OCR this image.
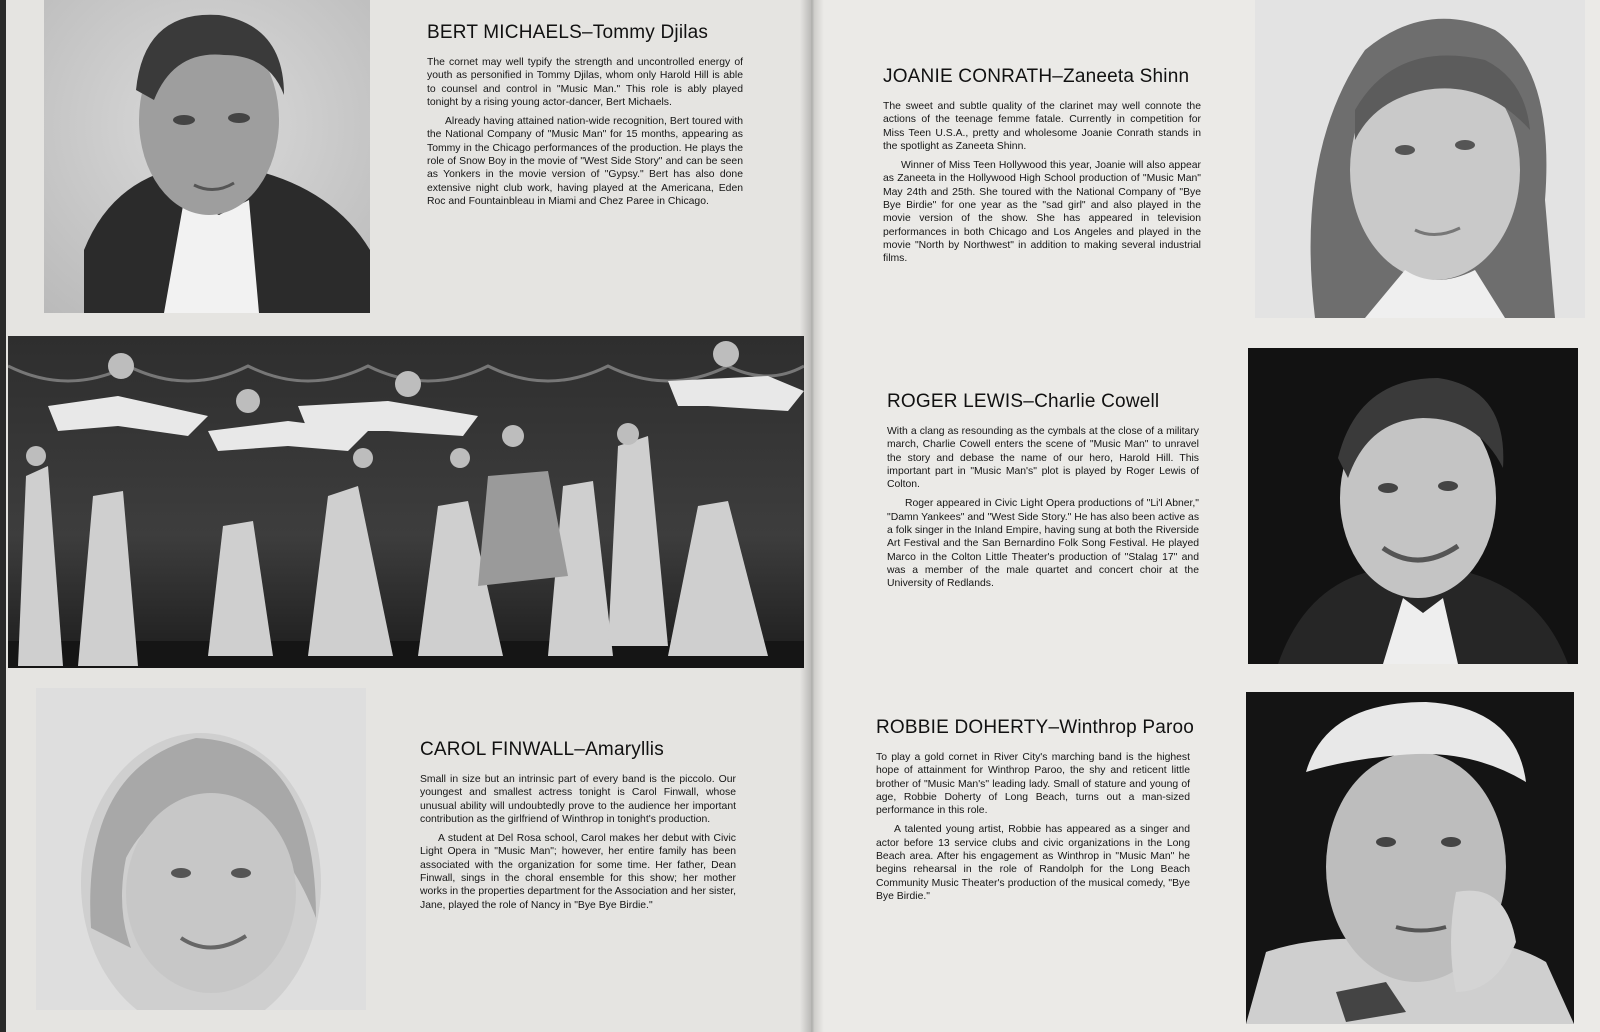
BERT MICHAELS–Tommy Djilas

The cornet may well typify the strength and uncontrolled energy of youth as personified in Tommy Djilas, whom only Harold Hill is able to counsel and control in "Music Man." This role is ably played tonight by a rising young actor-dancer, Bert Michaels.

Already having attained nation-wide recognition, Bert toured with the National Company of "Music Man" for 15 months, appearing as Tommy in the Chicago performances of the production. He plays the role of Snow Boy in the movie of "West Side Story" and can be seen as Yonkers in the movie version of "Gypsy." Bert has also done extensive night club work, having played at the Americana, Eden Roc and Fountainbleau in Miami and Chez Paree in Chicago.

CAROL FINWALL–Amaryllis

Small in size but an intrinsic part of every band is the piccolo. Our youngest and smallest actress tonight is Carol Finwall, whose unusual ability will undoubtedly prove to the audience her important contribution as the girlfriend of Winthrop in tonight's production.

A student at Del Rosa school, Carol makes her debut with Civic Light Opera in "Music Man"; however, her entire family has been associated with the organization for some time. Her father, Dean Finwall, sings in the choral ensemble for this show; her mother works in the properties department for the Association and her sister, Jane, played the role of Nancy in "Bye Bye Birdie."

JOANIE CONRATH–Zaneeta Shinn

The sweet and subtle quality of the clarinet may well connote the actions of the teenage femme fatale. Currently in competition for Miss Teen U.S.A., pretty and wholesome Joanie Conrath stands in the spotlight as Zaneeta Shinn.

Winner of Miss Teen Hollywood this year, Joanie will also appear as Zaneeta in the Hollywood High School production of "Music Man" May 24th and 25th. She toured with the National Company of "Bye Bye Birdie" for one year as the "sad girl" and also played in the movie version of the show. She has appeared in television performances in both Chicago and Los Angeles and played in the movie "North by Northwest" in addition to making several industrial films.

ROGER LEWIS–Charlie Cowell

With a clang as resounding as the cymbals at the close of a military march, Charlie Cowell enters the scene of "Music Man" to unravel the story and debase the name of our hero, Harold Hill. This important part in "Music Man's" plot is played by Roger Lewis of Colton.

Roger appeared in Civic Light Opera productions of "Li'l Abner," "Damn Yankees" and "West Side Story." He has also been active as a folk singer in the Inland Empire, having sung at both the Riverside Art Festival and the San Bernardino Folk Song Festival. He played Marco in the Colton Little Theater's production of "Stalag 17" and was a member of the male quartet and concert choir at the University of Redlands.

ROBBIE DOHERTY–Winthrop Paroo

To play a gold cornet in River City's marching band is the highest hope of attainment for Winthrop Paroo, the shy and reticent little brother of "Music Man's" leading lady. Small of stature and young of age, Robbie Doherty of Long Beach, turns out a man-sized performance in this role.

A talented young artist, Robbie has appeared as a singer and actor before 13 service clubs and civic organizations in the Long Beach area. After his engagement as Winthrop in "Music Man" he begins rehearsal in the role of Randolph for the Long Beach Community Music Theater's production of the musical comedy, "Bye Bye Birdie."
